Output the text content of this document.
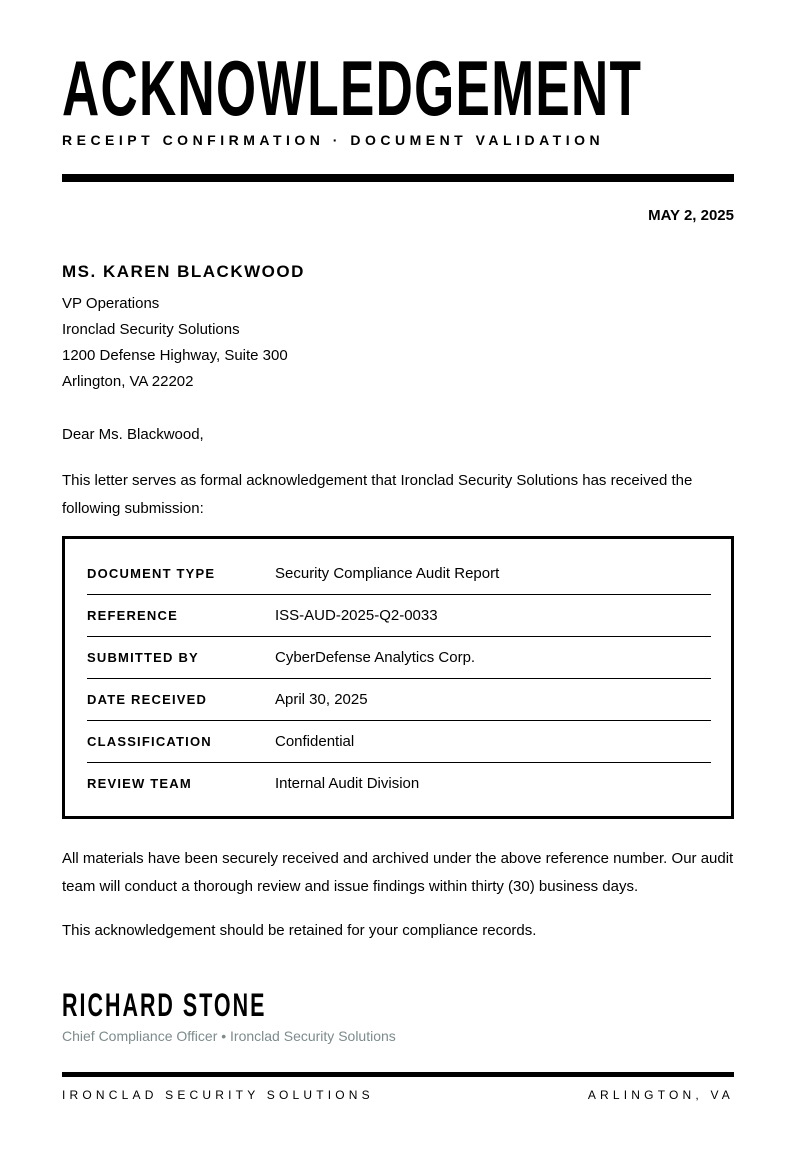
ACKNOWLEDGEMENT
RECEIPT CONFIRMATION · DOCUMENT VALIDATION
MAY 2, 2025
MS. KAREN BLACKWOOD
VP Operations
Ironclad Security Solutions
1200 Defense Highway, Suite 300
Arlington, VA 22202
Dear Ms. Blackwood,

This letter serves as formal acknowledgement that Ironclad Security Solutions has received the following submission:

DOCUMENT TYPE	Security Compliance Audit Report
REFERENCE	ISS-AUD-2025-Q2-0033
SUBMITTED BY	CyberDefense Analytics Corp.
DATE RECEIVED	April 30, 2025
CLASSIFICATION	Confidential
REVIEW TEAM	Internal Audit Division

All materials have been securely received and archived under the above reference number. Our audit team will conduct a thorough review and issue findings within thirty (30) business days.

This acknowledgement should be retained for your compliance records.

RICHARD STONE
Chief Compliance Officer • Ironclad Security Solutions
IRONCLAD SECURITY SOLUTIONS	ARLINGTON, VA
